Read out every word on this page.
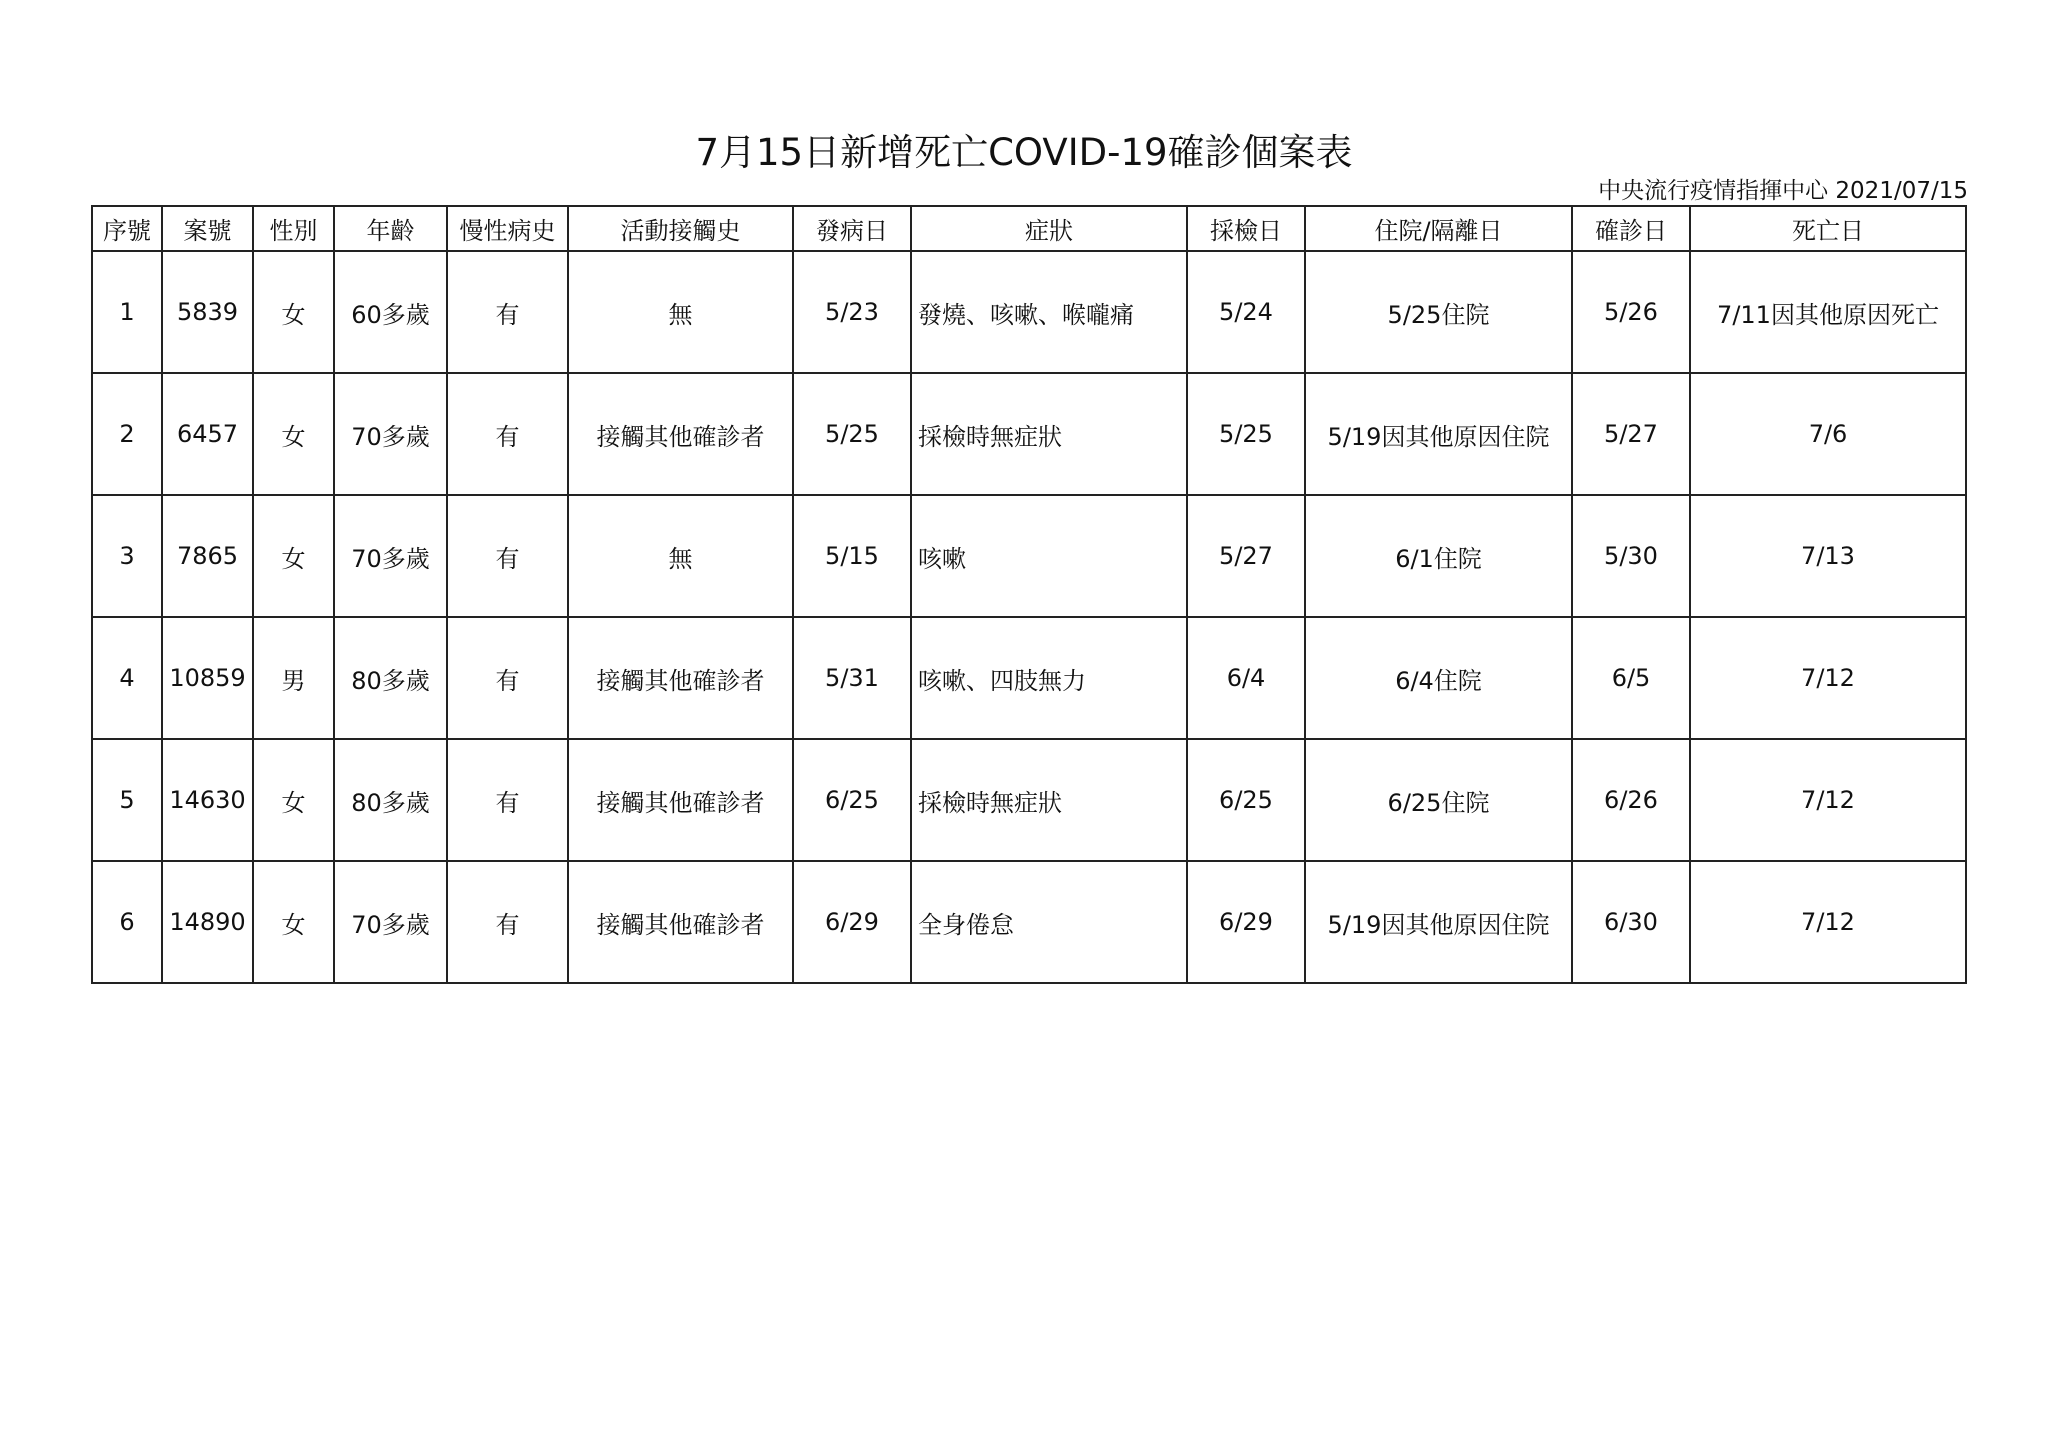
7月15日新增死亡COVID-19確診個案表
中央流行疫情指揮中心 2021/07/15
序號	案號	性別	年齡	慢性病史	活動接觸史	發病日	症狀	採檢日	住院/隔離日	確診日	死亡日
1	5839	女	60多歲	有	無	5/23	發燒、咳嗽、喉嚨痛	5/24	5/25住院	5/26	7/11因其他原因死亡
2	6457	女	70多歲	有	接觸其他確診者	5/25	採檢時無症狀	5/25	5/19因其他原因住院	5/27	7/6
3	7865	女	70多歲	有	無	5/15	咳嗽	5/27	6/1住院	5/30	7/13
4	10859	男	80多歲	有	接觸其他確診者	5/31	咳嗽、四肢無力	6/4	6/4住院	6/5	7/12
5	14630	女	80多歲	有	接觸其他確診者	6/25	採檢時無症狀	6/25	6/25住院	6/26	7/12
6	14890	女	70多歲	有	接觸其他確診者	6/29	全身倦怠	6/29	5/19因其他原因住院	6/30	7/12
